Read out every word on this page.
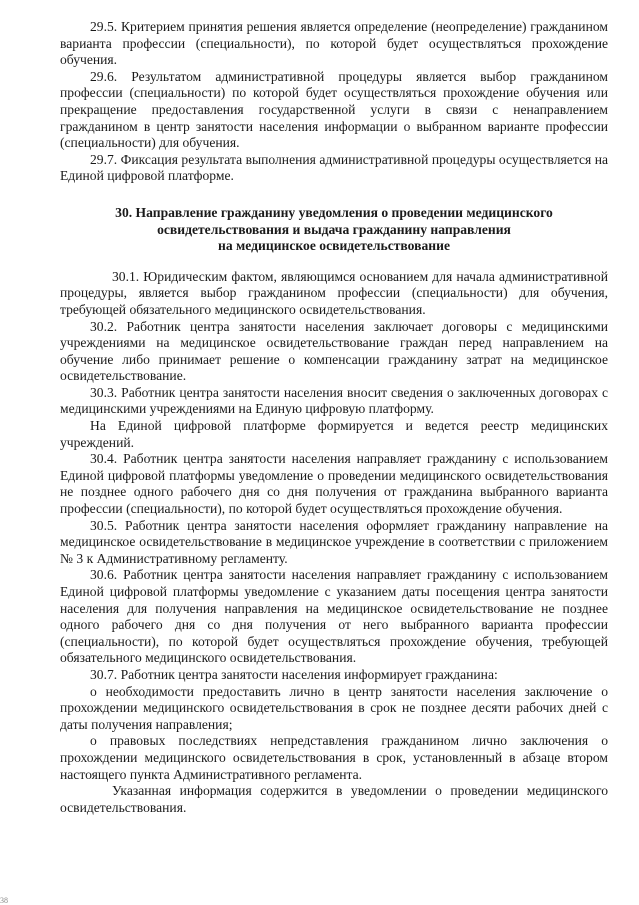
29.5. Критерием принятия решения является определение (неопределение) гражданином варианта профессии (специальности), по которой будет осуществляться прохождение обучения.

29.6. Результатом административной процедуры является выбор гражданином профессии (специальности) по которой будет осуществляться прохождение обучения или прекращение предоставления государственной услуги в связи с ненаправлением гражданином в центр занятости населения информации о выбранном варианте профессии (специальности) для обучения.

29.7. Фиксация результата выполнения административной процедуры осуществляется на Единой цифровой платформе.

30. Направление гражданину уведомления о проведении медицинского
освидетельствования и выдача гражданину направления
на медицинское освидетельствование

30.1. Юридическим фактом, являющимся основанием для начала административной процедуры, является выбор гражданином профессии (специальности) для обучения, требующей обязательного медицинского освидетельствования.

30.2. Работник центра занятости населения заключает договоры с медицинскими учреждениями на медицинское освидетельствование граждан перед направлением на обучение либо принимает решение о компенсации гражданину затрат на медицинское освидетельствование.

30.3. Работник центра занятости населения вносит сведения о заключенных договорах с медицинскими учреждениями на Единую цифровую платформу.

На Единой цифровой платформе формируется и ведется реестр медицинских учреждений.

30.4. Работник центра занятости населения направляет гражданину с использованием Единой цифровой платформы уведомление о проведении медицинского освидетельствования не позднее одного рабочего дня со дня получения от гражданина выбранного варианта профессии (специальности), по которой будет осуществляться прохождение обучения.

30.5. Работник центра занятости населения оформляет гражданину направление на медицинское освидетельствование в медицинское учреждение в соответствии с приложением № 3 к Административному регламенту.

30.6. Работник центра занятости населения направляет гражданину с использованием Единой цифровой платформы уведомление с указанием даты посещения центра занятости населения для получения направления на медицинское освидетельствование не позднее одного рабочего дня со дня получения от него выбранного варианта профессии (специальности), по которой будет осуществляться прохождение обучения, требующей обязательного медицинского освидетельствования.

30.7. Работник центра занятости населения информирует гражданина:

о необходимости предоставить лично в центр занятости населения заключение о прохождении медицинского освидетельствования в срок не позднее десяти рабочих дней с даты получения направления;

о правовых последствиях непредставления гражданином лично заключения о прохождении медицинского освидетельствования в срок, установленный в абзаце втором настоящего пункта Административного регламента.

Указанная информация содержится в уведомлении о проведении медицинского освидетельствования.

38
